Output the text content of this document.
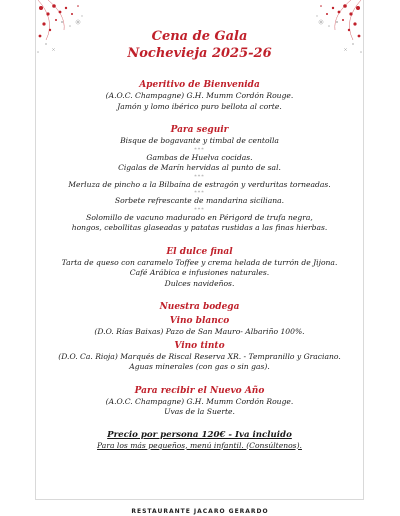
Cena de Gala
Nochevieja 2025-26
Aperitivo de Bienvenida
(A.O.C. Champagne) G.H. Mumm Cordón Rouge.
Jamón y lomo ibérico puro bellota al corte.
Para seguir
Bisque de bogavante y timbal de centolla
***
Gambas de Huelva cocidas.
Cigalas de Marín hervidas al punto de sal.
***
Merluza de pincho a la Bilbaína de estragón y verduritas torneadas.
***
Sorbete refrescante de mandarina siciliana.
***
Solomillo de vacuno madurado en Périgord de trufa negra,
hongos, cebollitas glaseadas y patatas rustidas a las finas hierbas.
El dulce final
Tarta de queso con caramelo Toffee y crema helada de turrón de Jijona.
Café Arábica e infusiones naturales.
Dulces navideños.
Nuestra bodega
Vino blanco
(D.O. Rías Baixas) Pazo de San Mauro- Albariño 100%.
Vino tinto
(D.O. Ca. Rioja) Marqués de Riscal Reserva XR. - Tempranillo y Graciano.
Aguas minerales (con gas o sin gas).
Para recibir el Nuevo Año
(A.O.C. Champagne) G.H. Mumm Cordón Rouge.
Uvas de la Suerte.
Precio por persona 120€ - Iva incluido
Para los más pequeños, menú infantil. (Consúltenos).
RESTAURANTE JACARO GERARDO
